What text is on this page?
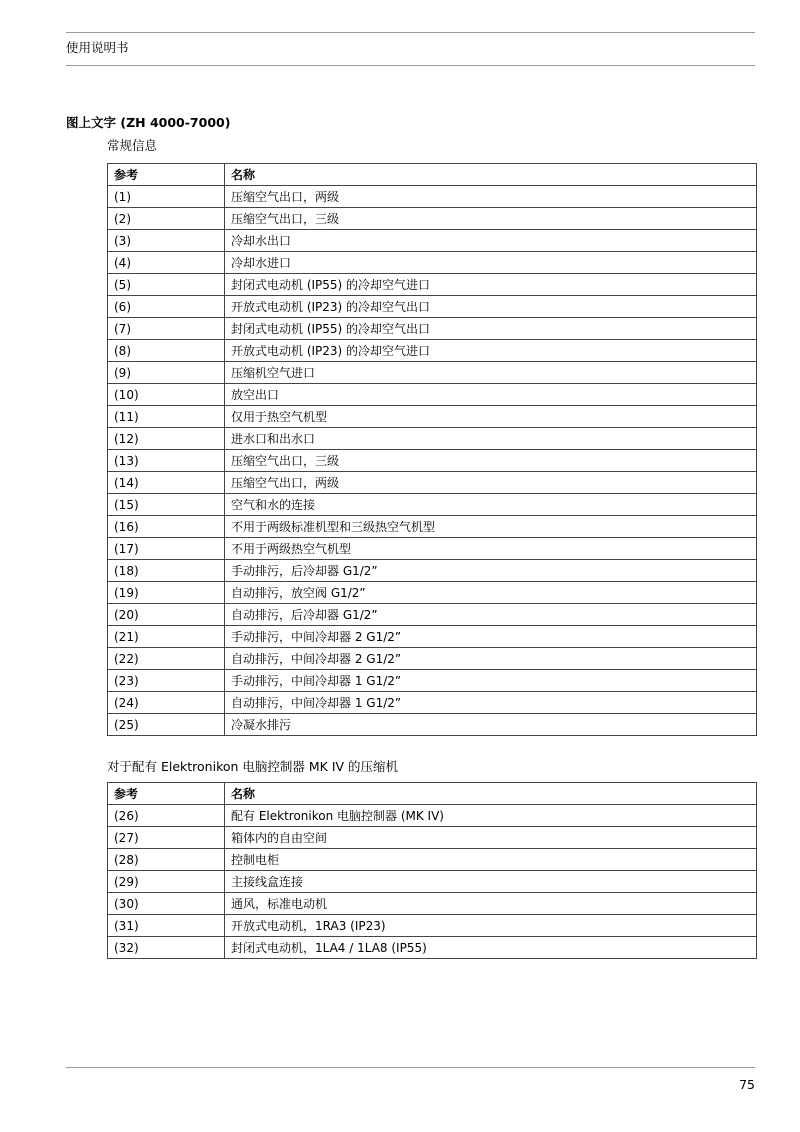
使用说明书
图上文字 (ZH 4000-7000)
常规信息
参考	名称
(1)	压缩空气出口，两级
(2)	压缩空气出口，三级
(3)	冷却水出口
(4)	冷却水进口
(5)	封闭式电动机 (IP55) 的冷却空气进口
(6)	开放式电动机 (IP23) 的冷却空气出口
(7)	封闭式电动机 (IP55) 的冷却空气出口
(8)	开放式电动机 (IP23) 的冷却空气进口
(9)	压缩机空气进口
(10)	放空出口
(11)	仅用于热空气机型
(12)	进水口和出水口
(13)	压缩空气出口，三级
(14)	压缩空气出口，两级
(15)	空气和水的连接
(16)	不用于两级标准机型和三级热空气机型
(17)	不用于两级热空气机型
(18)	手动排污，后冷却器 G1/2”
(19)	自动排污，放空阀 G1/2”
(20)	自动排污，后冷却器 G1/2”
(21)	手动排污，中间冷却器 2 G1/2”
(22)	自动排污，中间冷却器 2 G1/2”
(23)	手动排污，中间冷却器 1 G1/2”
(24)	自动排污，中间冷却器 1 G1/2”
(25)	冷凝水排污
对于配有 Elektronikon 电脑控制器 MK IV 的压缩机
参考	名称
(26)	配有 Elektronikon 电脑控制器 (MK IV)
(27)	箱体内的自由空间
(28)	控制电柜
(29)	主接线盒连接
(30)	通风，标准电动机
(31)	开放式电动机，1RA3 (IP23)
(32)	封闭式电动机，1LA4 / 1LA8 (IP55)
75
